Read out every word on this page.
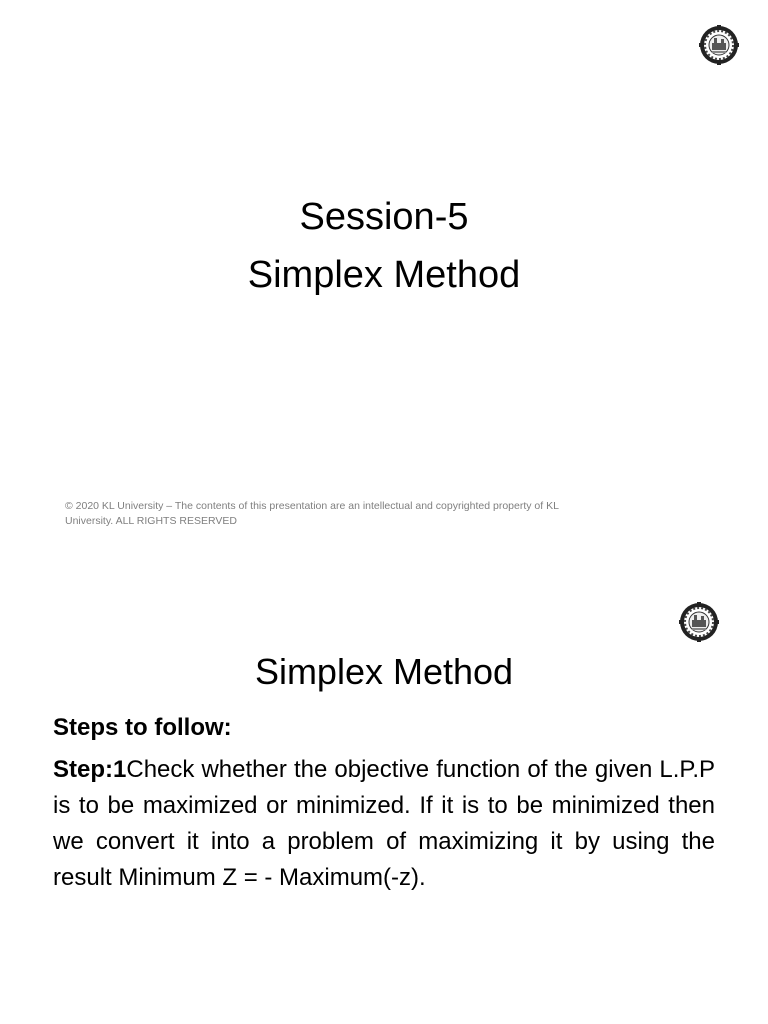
Session-5
Simplex Method
© 2020 KL University – The contents of this presentation are an intellectual and copyrighted property of KL
University. ALL RIGHTS RESERVED
Simplex Method
Steps to follow:
Step:1Check whether the objective function of the given L.P.P is to be maximized or minimized. If it is to be minimized then we convert it into a problem of maximizing it by using the result Minimum Z = - Maximum(-z).
